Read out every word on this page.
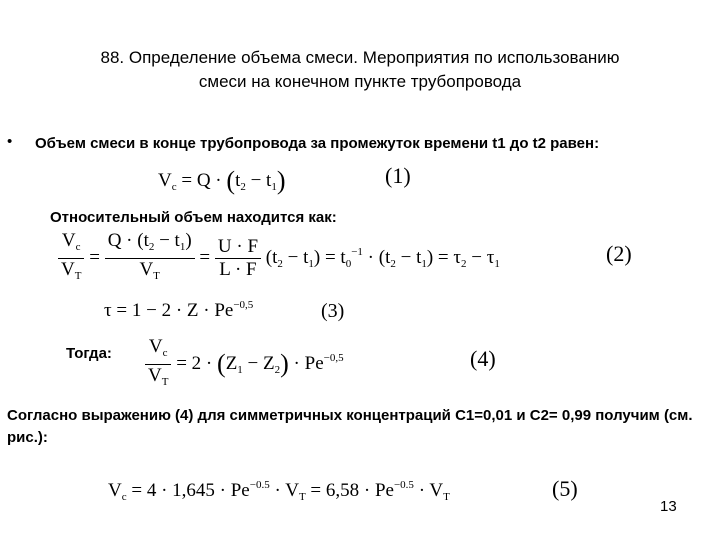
88. Определение объема смеси. Мероприятия по использованию
смеси на конечном пункте трубопровода
• Объем смеси в конце трубопровода за промежуток времени t1 до t2 равен:
$V_c = Q \cdot (t_2 - t_1)$	(1)
Относительный объем находится как:
$\frac{V_c}{V_T} = \frac{Q \cdot (t_2 - t_1)}{V_T} = \frac{U \cdot F}{L \cdot F} (t_2 - t_1) = t_0^{-1} \cdot (t_2 - t_1) = \tau_2 - \tau_1$	(2)
$\tau = 1 - 2 \cdot Z \cdot Pe^{-0,5}$	(3)
Тогда: $\frac{V_c}{V_T} = 2 \cdot (Z_1 - Z_2) \cdot Pe^{-0,5}$	(4)
Согласно выражению (4) для симметричных концентраций С1=0,01 и С2= 0,99 получим (см. рис.):
$V_c = 4 \cdot 1,645 \cdot Pe^{-0.5} \cdot V_T = 6,58 \cdot Pe^{-0.5} \cdot V_T$	(5)
13
